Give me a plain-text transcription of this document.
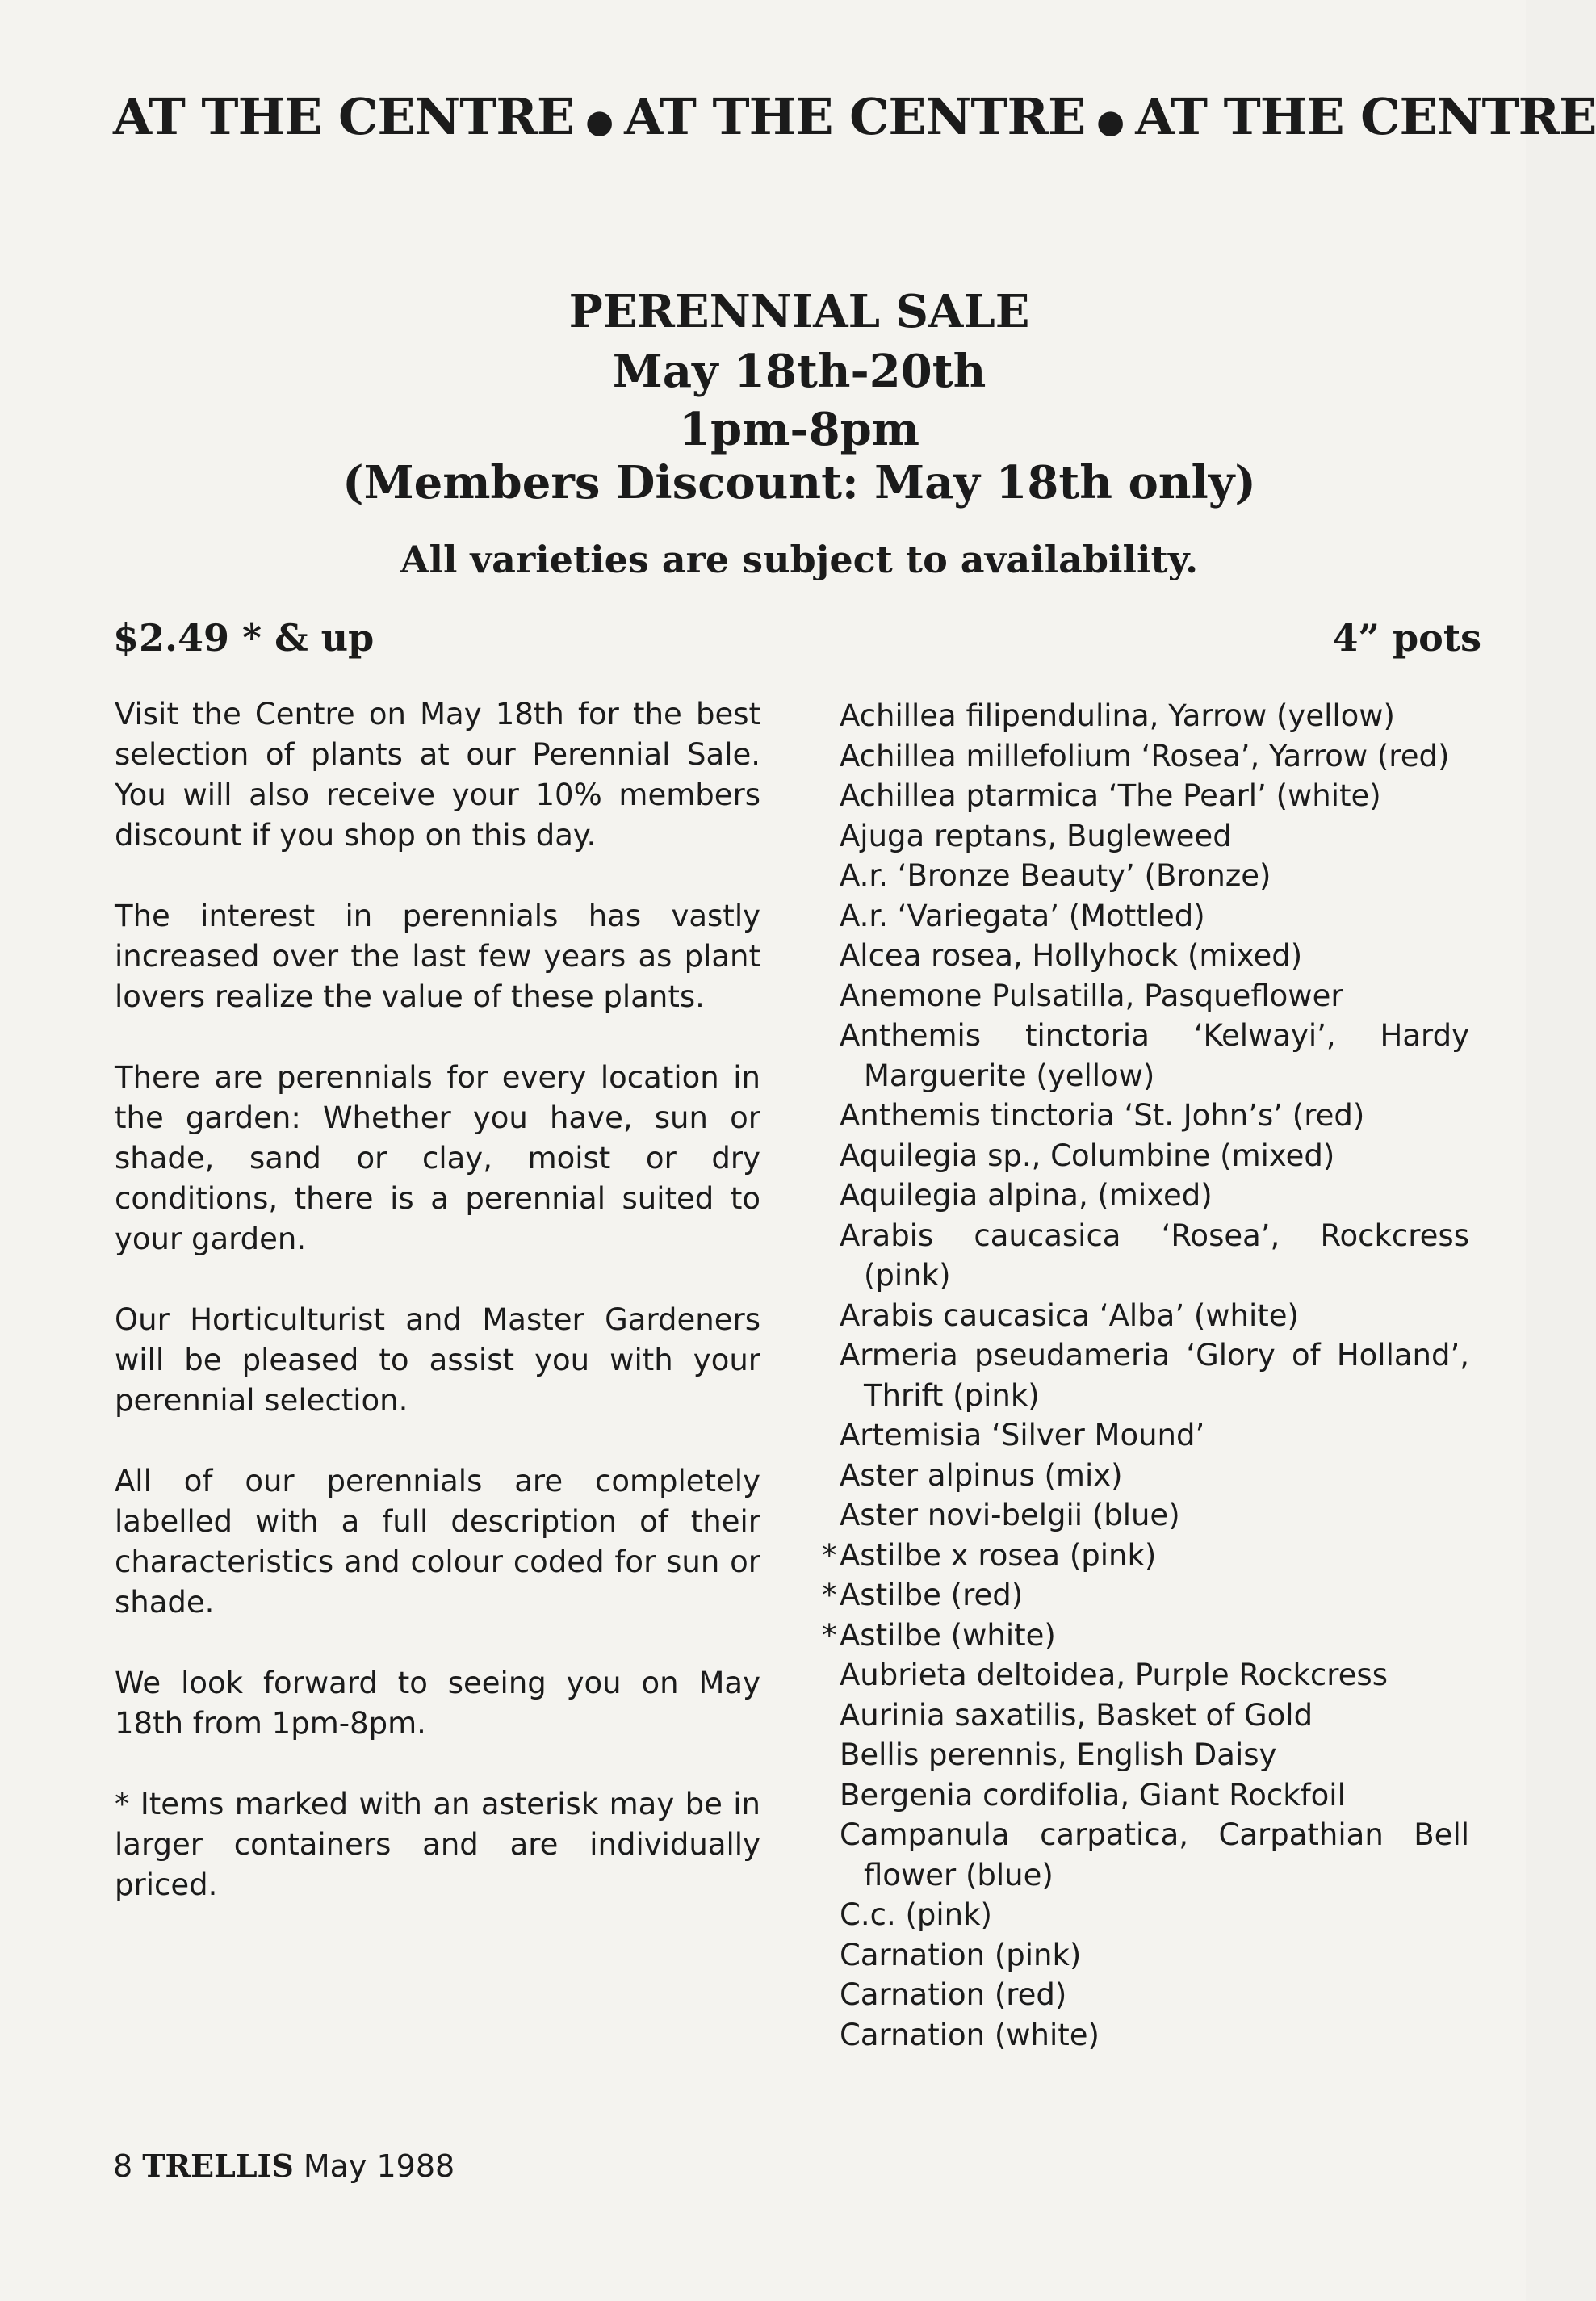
AT THE CENTRE ● AT THE CENTRE ● AT THE CENTRE
PERENNIAL SALE
May 18th-20th
1pm-8pm
(Members Discount: May 18th only)
All varieties are subject to availability.
$2.49 * & up	4” pots

Visit the Centre on May 18th for the best selection of plants at our Perennial Sale. You will also receive your 10% members discount if you shop on this day.

The interest in perennials has vastly increased over the last few years as plant lovers realize the value of these plants.

There are perennials for every location in the garden: Whether you have, sun or shade, sand or clay, moist or dry conditions, there is a perennial suited to your garden.

Our Horticulturist and Master Gardeners will be pleased to assist you with your perennial selection.

All of our perennials are completely labelled with a full description of their characteristics and colour coded for sun or shade.

We look forward to seeing you on May 18th from 1pm-8pm.

* Items marked with an asterisk may be in larger containers and are individually priced.

Achillea filipendulina, Yarrow (yellow)
Achillea millefolium ‘Rosea’, Yarrow (red)
Achillea ptarmica ‘The Pearl’ (white)
Ajuga reptans, Bugleweed
A.r. ‘Bronze Beauty’ (Bronze)
A.r. ‘Variegata’ (Mottled)
Alcea rosea, Hollyhock (mixed)
Anemone Pulsatilla, Pasqueflower
Anthemis tinctoria ‘Kelwayi’, Hardy Marguerite (yellow)
Anthemis tinctoria ‘St. John’s’ (red)
Aquilegia sp., Columbine (mixed)
Aquilegia alpina, (mixed)
Arabis caucasica ‘Rosea’, Rockcress (pink)
Arabis caucasica ‘Alba’ (white)
Armeria pseudameria ‘Glory of Holland’, Thrift (pink)
Artemisia ‘Silver Mound’
Aster alpinus (mix)
Aster novi-belgii (blue)
* Astilbe x rosea (pink)
* Astilbe (red)
* Astilbe (white)
Aubrieta deltoidea, Purple Rockcress
Aurinia saxatilis, Basket of Gold
Bellis perennis, English Daisy
Bergenia cordifolia, Giant Rockfoil
Campanula carpatica, Carpathian Bell flower (blue)
C.c. (pink)
Carnation (pink)
Carnation (red)
Carnation (white)
8 TRELLIS May 1988
